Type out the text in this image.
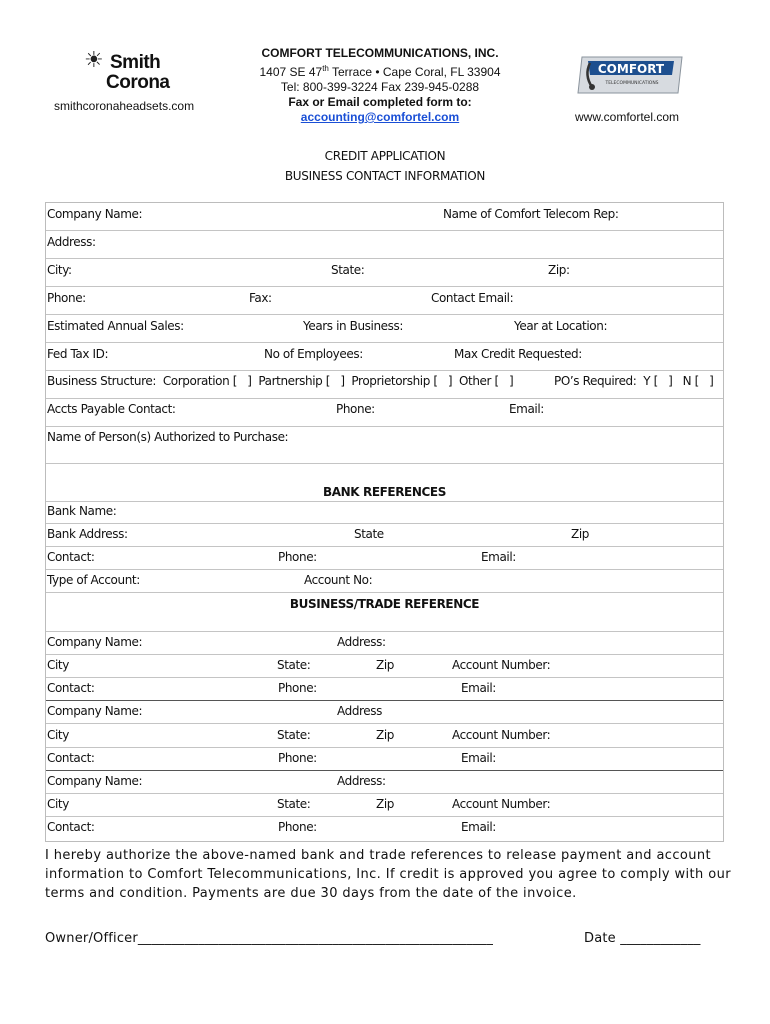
☀ Smith
Corona
smithcoronaheadsets.com
COMFORT TELECOMMUNICATIONS, INC.
1407 SE 47th Terrace • Cape Coral, FL 33904
Tel: 800-399-3224 Fax 239-945-0288
Fax or Email completed form to:
accounting@comfortel.com
COMFORT
TELECOMMUNICATIONS
www.comfortel.com
CREDIT APPLICATION
BUSINESS CONTACT INFORMATION
Company Name:	Name of Comfort Telecom Rep:
Address:
City:	State:	Zip:
Phone:	Fax:	Contact Email:
Estimated Annual Sales:	Years in Business:	Year at Location:
Fed Tax ID:	No of Employees:	Max Credit Requested:
Business Structure:  Corporation [   ]  Partnership [   ]  Proprietorship [   ]  Other [   ]	PO’s Required:  Y [   ]   N [   ]
Accts Payable Contact:	Phone:	Email:
Name of Person(s) Authorized to Purchase:
BANK REFERENCES
Bank Name:
Bank Address:	State	Zip
Contact:	Phone:	Email:
Type of Account:	Account No:
BUSINESS/TRADE REFERENCE
Company Name:	Address:
City	State:	Zip	Account Number:
Contact:	Phone:	Email:
Company Name:	Address
City	State:	Zip	Account Number:
Contact:	Phone:	Email:
Company Name:	Address:
City	State:	Zip	Account Number:
Contact:	Phone:	Email:
I hereby authorize the above-named bank and trade references to release payment and account information to Comfort Telecommunications, Inc. If credit is approved you agree to comply with our terms and condition. Payments are due 30 days from the date of the invoice.
Owner/Officer_____________________________________________________	Date ____________
